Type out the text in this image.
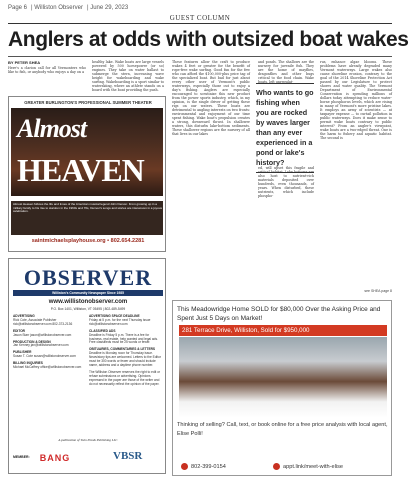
Page 6 | Williston Observer | June 29, 2023
GUEST COLUMN
Anglers at odds with outsized boat wakes
BY PETER SHEA
Here's a clarion call for all Vermonters who like to fish, or anybody who enjoys a day on a
healthy lake. Wake boats are large vessels powered by 500 horsepower (or so) engines. They take on water ballast to submerge the stern, increasing wave height for wakeboarding and wake surfing. Wakeboarding is a sport similar to waterskiing, where an athlete stands on a board with the boat providing the push.
These features allow the craft to produce wakes 4 feet or greater for the benefit of rope-free wake surfing. Good fun for the few who can afford the $100,000-plus price tag of the specialized boat. But bad for just about every other user of Vermont's public waterways, especially those out to enjoy a day's fishing. Anglers are especially encouraged to scrutinize this new product from the power sports industry, which, in my opinion, is the single driver of getting these rigs on our waters. These boats are detrimental to angling interests on two fronts: environmental and enjoyment of our time spent fishing. Wake boat's propulsion creates a strong, downward thrust. In shallower waters, this disturbs lake-bottom sediments. These shallower regions are the nursery of all that lives in our lakes
and ponds. The shallows are the nursery for juvenile fish. They are the home of mayflies, dragonflies and other bugs critical to the food chain. Wake boats, left unregulat-
Who wants to go fishing when you are rocked by waves larger than any ever experienced in a pond or lake's history?
ed, will upset this fragile and critical habitat. Lake bottoms are also host to nutrient-rich materials deposited over hundreds, even thousands, of years. When disturbed, these nutrients, which include phospho-
rus, enhance algae blooms. These problems have already degraded many Vermont waterways. Large wakes also cause shoreline erosion, contrary to the goal of the 2014 Shoreline Protection Act passed by our Legislature to protect shores and water quality. The Vermont Department of Environmental Conservation is spending millions of dollars today attempting to reduce water-borne phosphorus levels, which are rising in many of Vermont's more pristine lakes. It employs an army of scientists — at taxpayer expense — to curtail pollution in public waterways. Does it make sense to permit wake boats contrary to public interest? From an angler's viewpoint, wake boats are a two-edged threat. One is the harm to fishery and aquatic habitat. The second is
see SHEA page 8
GREATER BURLINGTON'S PROFESSIONAL SUMMER THEATER
Almost
HEAVEN
Almost Heaven follows the life and times of the American musical legend John Denver. From growing up in a military family to his rise to stardom in the 1960s and 70s, Denver's songs and stories are interwoven in a joyous celebration.
saintmichaelsplayhouse.org • 802.654.2281
OBSERVER
Williston's Community Newspaper Since 1985
www.willistonobserver.com
P.O. Box 1401, Williston, VT 05495 | 802-489-5499
ADVERTISING
Rick Cote, Associate Publisher rick@willistonobserver.com 802-373-2136
EDITOR
Jason Starr jason@willistonobserver.com
PRODUCTION & DESIGN
Jan Kenney jan@willistonobserver.com
PUBLISHER
Susan T. Cote susan@willistonobserver.com
BILLING INQUIRIES
Michael McCaffrey office@willistonobserver.com
ADVERTISING SPACE DEADLINE
Friday at 5 p.m. for the next Thursday issue rick@willistonobserver.com
CLASSIFIED ADS
Deadline is Friday 5 p.m. There is a fee for business, real estate, help wanted and legal ads. Free classifieds must be 25 words or fewer.
OBITUARIES, COMMENTARIES & LETTERS
Deadline is Monday noon for Thursday issue. News/story tips are welcomed. Letters to the Editor must be 300 words or fewer and should include name, address and a daytime phone number.
The Williston Observer reserves the right to edit or refuse submissions or advertising. Opinions expressed in the paper are those of the writer and do not necessarily reflect the opinion of the paper.
A publication of Twin Ponds Publishing LLC
MEMBER:	BANG	VBSR
This Meadowridge Home SOLD for $80,000 Over the Asking Price and Spent Just 5 Days on Market!
281 Terrace Drive, Williston, Sold for $950,000
Thinking of selling? Call, text, or book online for a free price analysis with local agent, Elise Polli!
802-399-0154	appt.link/meet-with-elise
